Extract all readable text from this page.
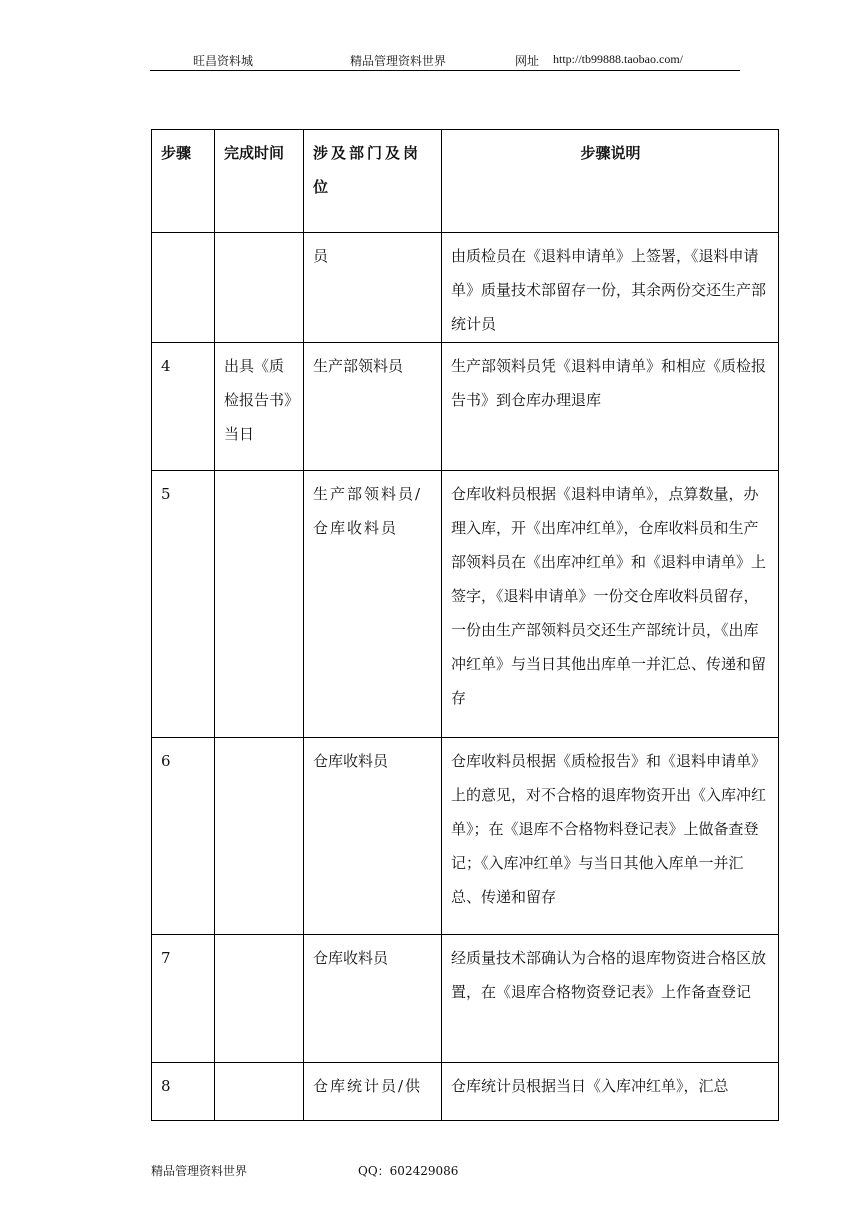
旺昌资料城	精品管理资料世界	网址 http://tb99888.taobao.com/
步骤	完成时间	涉及部门及岗位	步骤说明
		员	由质检员在《退料申请单》上签署，《退料申请单》质量技术部留存一份，其余两份交还生产部统计员
4	出具《质检报告书》当日	生产部领料员	生产部领料员凭《退料申请单》和相应《质检报告书》到仓库办理退库
5		生产部领料员/仓库收料员	仓库收料员根据《退料申请单》，点算数量，办理入库，开《出库冲红单》，仓库收料员和生产部领料员在《出库冲红单》和《退料申请单》上签字，《退料申请单》一份交仓库收料员留存，一份由生产部领料员交还生产部统计员，《出库冲红单》与当日其他出库单一并汇总、传递和留存
6		仓库收料员	仓库收料员根据《质检报告》和《退料申请单》上的意见，对不合格的退库物资开出《入库冲红单》；在《退库不合格物料登记表》上做备查登记；《入库冲红单》与当日其他入库单一并汇总、传递和留存
7		仓库收料员	经质量技术部确认为合格的退库物资进合格区放置，在《退库合格物资登记表》上作备查登记
8		仓库统计员/供	仓库统计员根据当日《入库冲红单》，汇总
精品管理资料世界	QQ：602429086
